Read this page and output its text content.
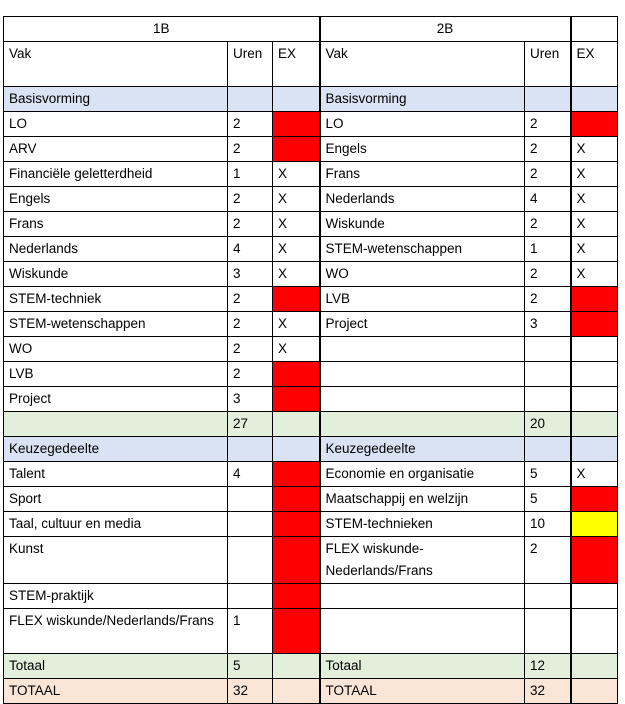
1B			2B		
Vak	Uren	EX	Vak	Uren	EX
Basisvorming			Basisvorming		
LO	2		LO	2	
ARV	2		Engels	2	X
Financiële geletterdheid	1	X	Frans	2	X
Engels	2	X	Nederlands	4	X
Frans	2	X	Wiskunde	2	X
Nederlands	4	X	STEM-wetenschappen	1	X
Wiskunde	3	X	WO	2	X
STEM-techniek	2		LVB	2	
STEM-wetenschappen	2	X	Project	3	
WO	2	X			
LVB	2				
Project	3				
	27			20	
Keuzegedeelte			Keuzegedeelte		
Talent	4		Economie en organisatie	5	X
Sport			Maatschappij en welzijn	5	
Taal, cultuur en media			STEM-technieken	10	
Kunst			FLEX wiskunde-Nederlands/Frans	2	
STEM-praktijk					
FLEX wiskunde/Nederlands/Frans	1				
Totaal	5		Totaal	12	
TOTAAL	32		TOTAAL	32	
